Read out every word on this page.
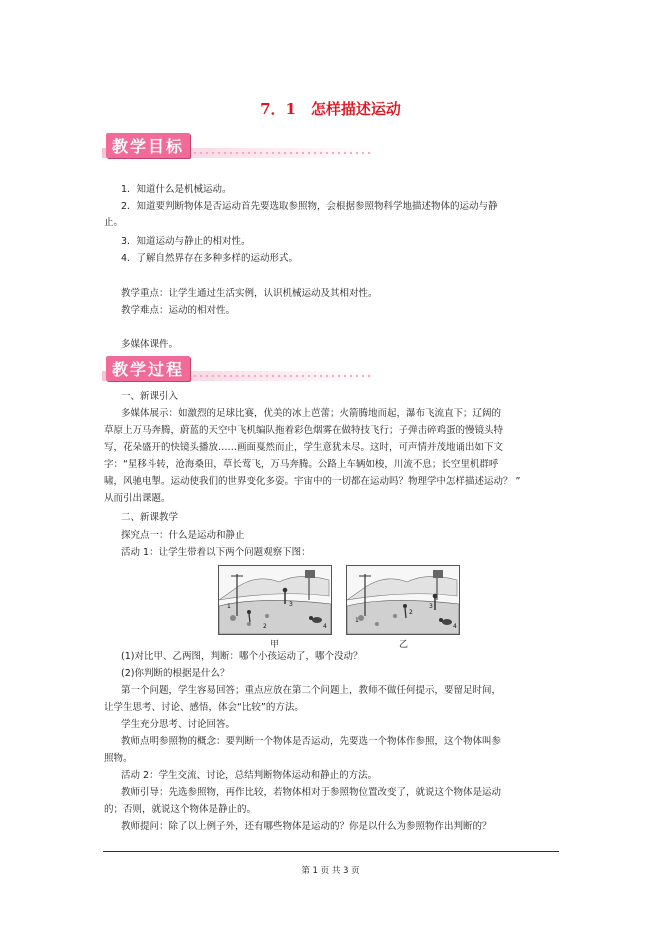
7．1　怎样描述运动
教学目标
1．知道什么是机械运动。
2．知道要判断物体是否运动首先要选取参照物，会根据参照物科学地描述物体的运动与静
止。
3．知道运动与静止的相对性。
4．了解自然界存在多种多样的运动形式。
教学重点：让学生通过生活实例，认识机械运动及其相对性。
教学难点：运动的相对性。
多媒体课件。
教学过程
一、新课引入
多媒体展示：如激烈的足球比赛，优美的冰上芭蕾；火箭腾地而起，瀑布飞流直下；辽阔的
草原上万马奔腾，蔚蓝的天空中飞机编队拖着彩色烟雾在做特技飞行；子弹击碎鸡蛋的慢镜头特
写，花朵盛开的快镜头播放……画面戛然而止，学生意犹未尽。这时，可声情并茂地诵出如下文
字：“星移斗转，沧海桑田，草长莺飞，万马奔腾。公路上车辆如梭，川流不息；长空里机群呼
啸，风驰电掣。运动使我们的世界变化多姿。宇宙中的一切都在运动吗？物理学中怎样描述运动？ ”
从而引出课题。
二、新课教学
探究点一：什么是运动和静止
活动 1：让学生带着以下两个问题观察下图：
1
2
3
4
甲
1
2
3
4
乙
(1)对比甲、乙两图，判断：哪个小孩运动了，哪个没动？
(2)你判断的根据是什么？
第一个问题，学生容易回答；重点应放在第二个问题上，教师不做任何提示，要留足时间，
让学生思考、讨论、感悟，体会“比较”的方法。
学生充分思考、讨论回答。
教师点明参照物的概念：要判断一个物体是否运动，先要选一个物体作参照，这个物体叫参
照物。
活动 2：学生交流、讨论，总结判断物体运动和静止的方法。
教师引导：先选参照物，再作比较，若物体相对于参照物位置改变了，就说这个物体是运动
的；否则，就说这个物体是静止的。
教师提问：除了以上例子外，还有哪些物体是运动的？你是以什么为参照物作出判断的？
第 1 页 共 3 页
